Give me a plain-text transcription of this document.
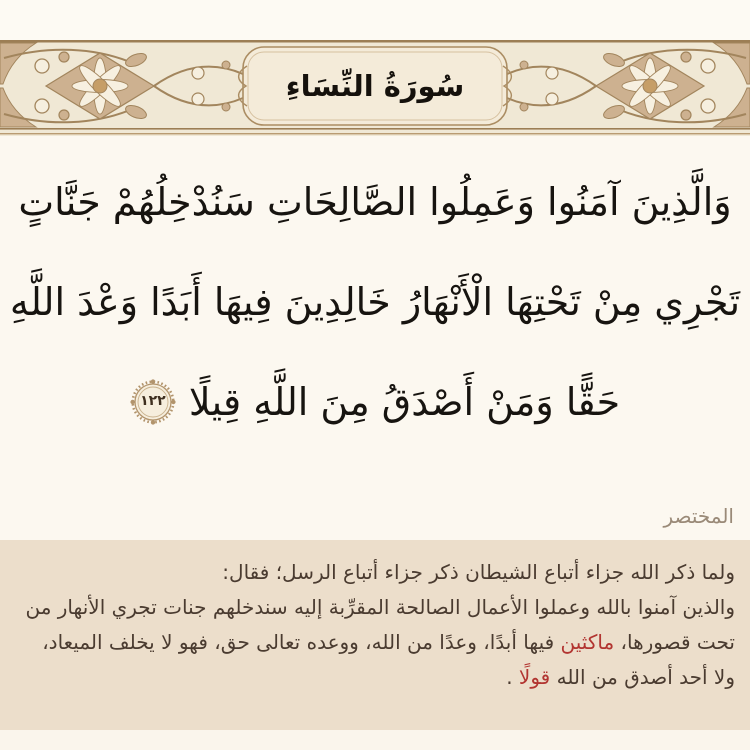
سُورَةُ النِّسَاءِ
وَالَّذِينَ آمَنُوا وَعَمِلُوا الصَّالِحَاتِ سَنُدْخِلُهُمْ جَنَّاتٍ
تَجْرِي مِنْ تَحْتِهَا الْأَنْهَارُ خَالِدِينَ فِيهَا أَبَدًا وَعْدَ اللَّهِ
حَقًّا وَمَنْ أَصْدَقُ مِنَ اللَّهِ قِيلًا
١٢٢
المختصر

ولما ذكر الله جزاء أتباع الشيطان ذكر جزاء أتباع الرسل؛ فقال:

والذين آمنوا بالله وعملوا الأعمال الصالحة المقرِّبة إليه سندخلهم جنات تجري الأنهار من تحت قصورها، ماكثين فيها أبدًا، وعدًا من الله، ووعده تعالى حق، فهو لا يخلف الميعاد، ولا أحد أصدق من الله قولًا .
